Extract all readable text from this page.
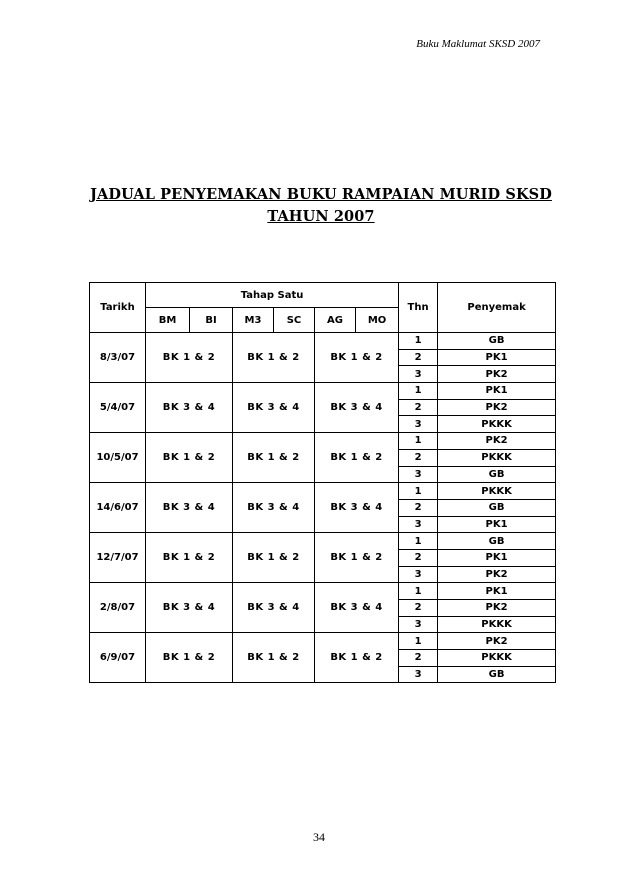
Buku Maklumat SKSD 2007
JADUAL PENYEMAKAN BUKU RAMPAIAN MURID SKSD
TAHUN 2007
Tarikh	Tahap Satu						Thn	Penyemak
	BM	BI	M3	SC	AG	MO		
8/3/07	BK 1 & 2		BK 1 & 2		BK 1 & 2		1	GB
							2	PK1
							3	PK2
5/4/07	BK 3 & 4		BK 3 & 4		BK 3 & 4		1	PK1
							2	PK2
							3	PKKK
10/5/07	BK 1 & 2		BK 1 & 2		BK 1 & 2		1	PK2
							2	PKKK
							3	GB
14/6/07	BK 3 & 4		BK 3 & 4		BK 3 & 4		1	PKKK
							2	GB
							3	PK1
12/7/07	BK 1 & 2		BK 1 & 2		BK 1 & 2		1	GB
							2	PK1
							3	PK2
2/8/07	BK 3 & 4		BK 3 & 4		BK 3 & 4		1	PK1
							2	PK2
							3	PKKK
6/9/07	BK 1 & 2		BK 1 & 2		BK 1 & 2		1	PK2
							2	PKKK
							3	GB
34
